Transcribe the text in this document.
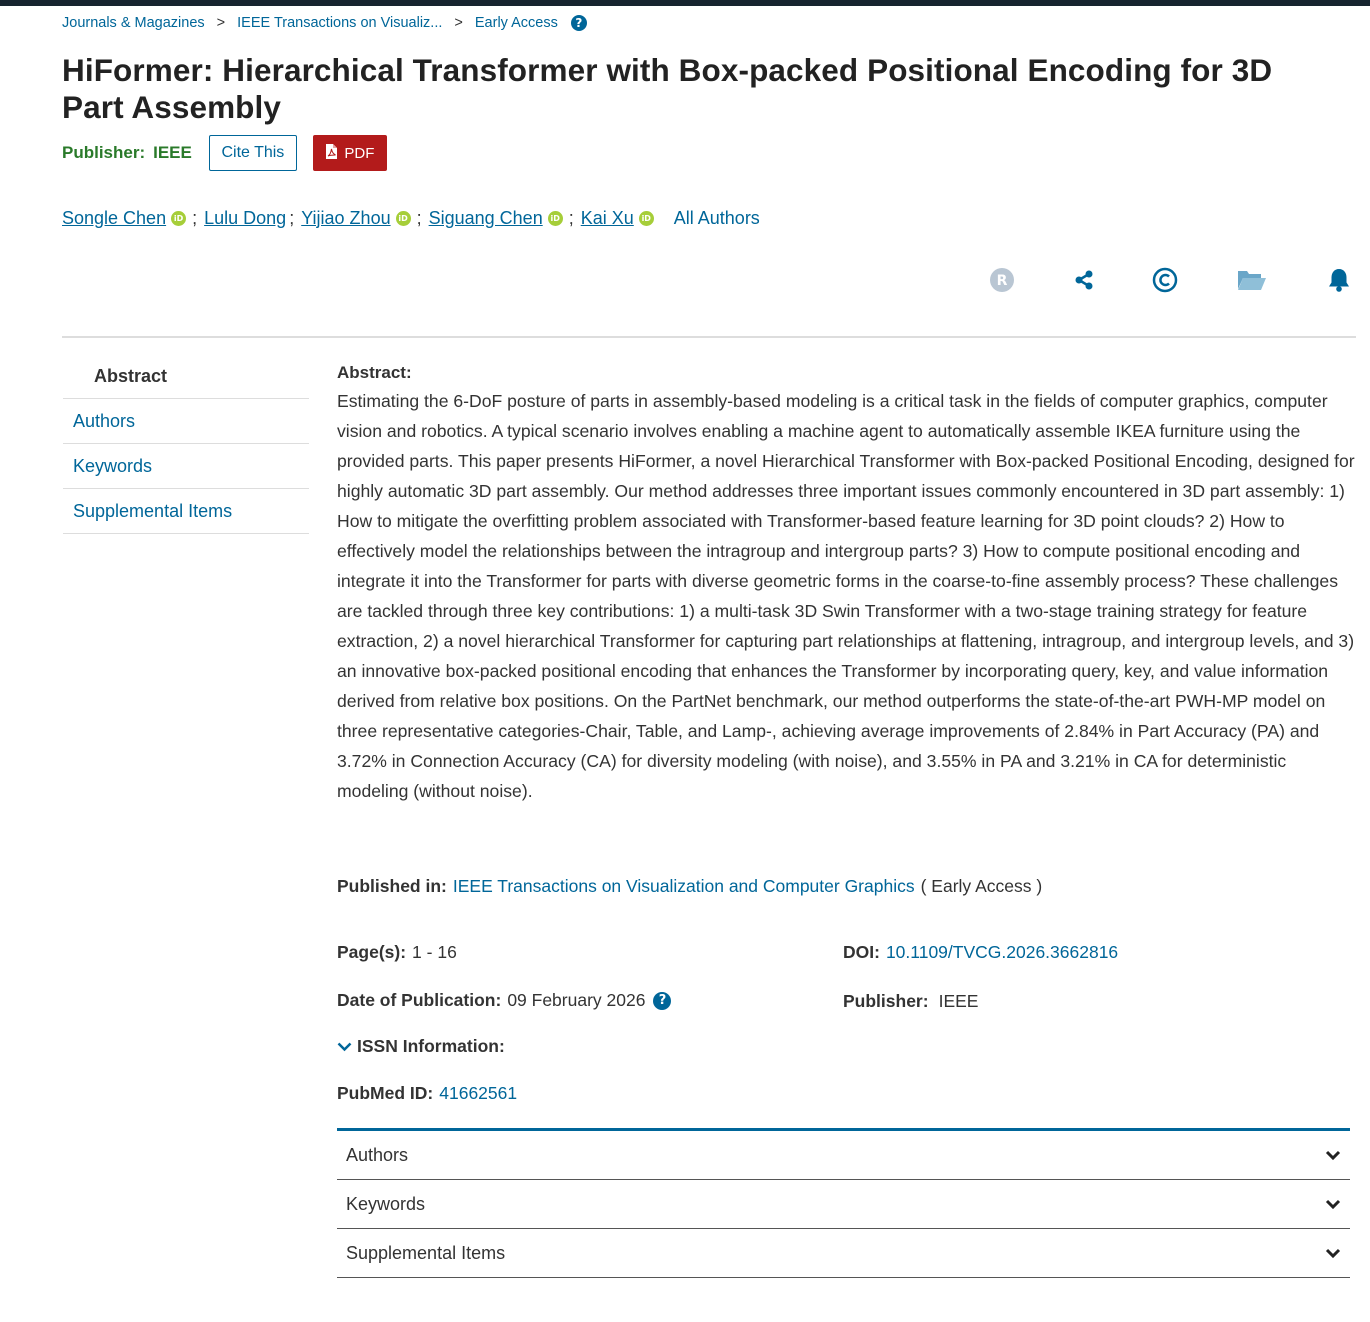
Journals & Magazines > IEEE Transactions on Visualiz... > Early Access	?
HiFormer: Hierarchical Transformer with Box-packed Positional Encoding for 3D Part Assembly
Publisher: IEEE	Cite This	PDF
Songle Chen iD ; Lulu Dong ; Yijiao Zhou iD ; Siguang Chen iD ; Kai Xu iD All Authors
R
Abstract
Authors
Keywords
Supplemental Items
Abstract:
Estimating the 6-DoF posture of parts in assembly-based modeling is a critical task in the fields of computer graphics, computer vision and robotics. A typical scenario involves enabling a machine agent to automatically assemble IKEA furniture using the provided parts. This paper presents HiFormer, a novel Hierarchical Transformer with Box-packed Positional Encoding, designed for highly automatic 3D part assembly. Our method addresses three important issues commonly encountered in 3D part assembly: 1) How to mitigate the overfitting problem associated with Transformer-based feature learning for 3D point clouds? 2) How to effectively model the relationships between the intragroup and intergroup parts? 3) How to compute positional encoding and integrate it into the Transformer for parts with diverse geometric forms in the coarse-to-fine assembly process? These challenges are tackled through three key contributions: 1) a multi-task 3D Swin Transformer with a two-stage training strategy for feature extraction, 2) a novel hierarchical Transformer for capturing part relationships at flattening, intragroup, and intergroup levels, and 3) an innovative box-packed positional encoding that enhances the Transformer by incorporating query, key, and value information derived from relative box positions. On the PartNet benchmark, our method outperforms the state-of-the-art PWH-MP model on three representative categories-Chair, Table, and Lamp-, achieving average improvements of 2.84% in Part Accuracy (PA) and 3.72% in Connection Accuracy (CA) for diversity modeling (with noise), and 3.55% in PA and 3.21% in CA for deterministic modeling (without noise).
Published in: IEEE Transactions on Visualization and Computer Graphics ( Early Access )
Page(s): 1 - 16	DOI: 10.1109/TVCG.2026.3662816
Date of Publication: 09 February 2026	?	Publisher: IEEE
ISSN Information:
PubMed ID: 41662561
Authors
Keywords
Supplemental Items
